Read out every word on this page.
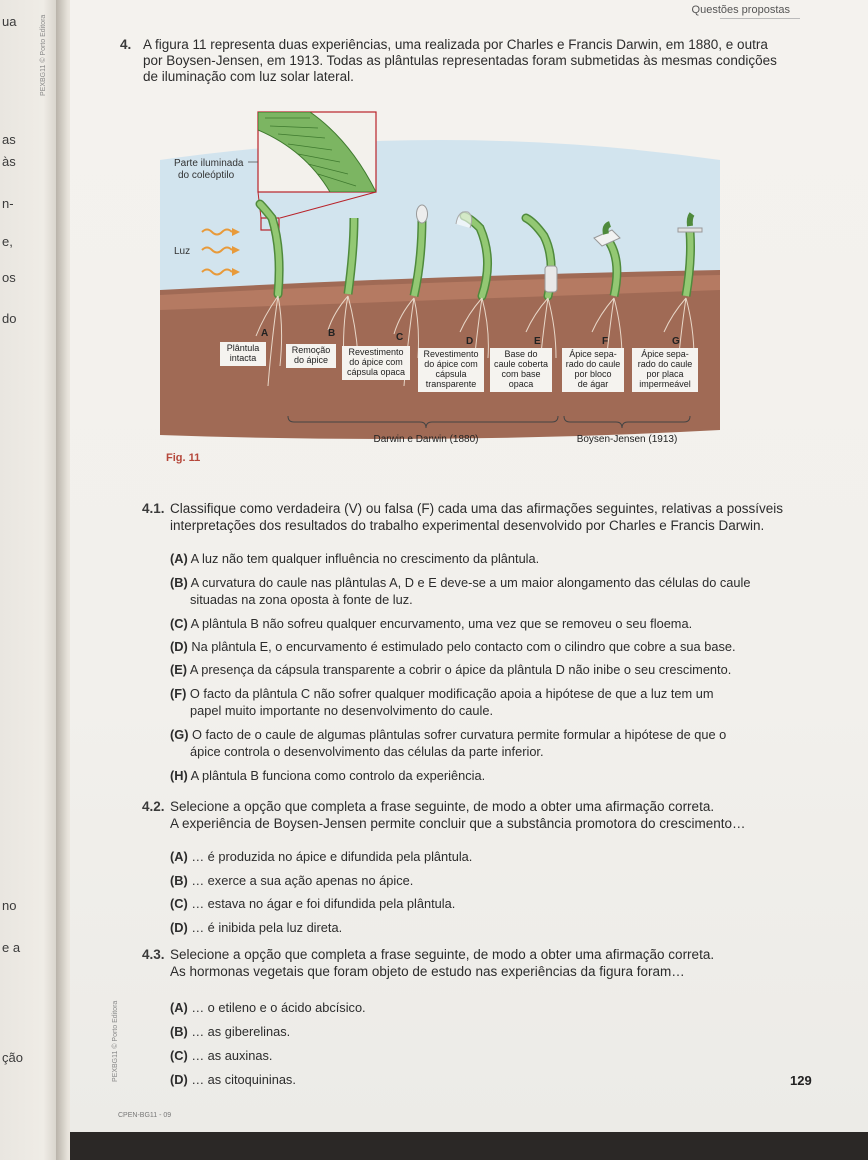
ua
as
às
n-
e,
os
do
no
e a
ção
PEXBG11 © Porto Editora
PEXBG11 © Porto Editora
Questões propostas
4. A figura 11 representa duas experiências, uma realizada por Charles e Francis Darwin, em 1880, e outra
por Boysen-Jensen, em 1913. Todas as plântulas representadas foram submetidas às mesmas condições
de iluminação com luz solar lateral.
Parte iluminada
do coleóptilo
Luz
A	B	C	D	E	F	G
Plântula
intacta
Remoção
do ápice
Revestimento
do ápice com
cápsula opaca
Revestimento
do ápice com
cápsula
transparente
Base do
caule coberta
com base
opaca
Ápice sepa-
rado do caule
por bloco
de ágar
Ápice sepa-
rado do caule
por placa
impermeável
Darwin e Darwin (1880)	Boysen-Jensen (1913)
Fig. 11
4.1. Classifique como verdadeira (V) ou falsa (F) cada uma das afirmações seguintes, relativas a possíveis
interpretações dos resultados do trabalho experimental desenvolvido por Charles e Francis Darwin.
(A) A luz não tem qualquer influência no crescimento da plântula.
(B) A curvatura do caule nas plântulas A, D e E deve-se a um maior alongamento das células do caule
situadas na zona oposta à fonte de luz.
(C) A plântula B não sofreu qualquer encurvamento, uma vez que se removeu o seu floema.
(D) Na plântula E, o encurvamento é estimulado pelo contacto com o cilindro que cobre a sua base.
(E) A presença da cápsula transparente a cobrir o ápice da plântula D não inibe o seu crescimento.
(F) O facto da plântula C não sofrer qualquer modificação apoia a hipótese de que a luz tem um
papel muito importante no desenvolvimento do caule.
(G) O facto de o caule de algumas plântulas sofrer curvatura permite formular a hipótese de que o
ápice controla o desenvolvimento das células da parte inferior.
(H) A plântula B funciona como controlo da experiência.
4.2. Selecione a opção que completa a frase seguinte, de modo a obter uma afirmação correta.
A experiência de Boysen-Jensen permite concluir que a substância promotora do crescimento…
(A) … é produzida no ápice e difundida pela plântula.
(B) … exerce a sua ação apenas no ápice.
(C) … estava no ágar e foi difundida pela plântula.
(D) … é inibida pela luz direta.
4.3. Selecione a opção que completa a frase seguinte, de modo a obter uma afirmação correta.
As hormonas vegetais que foram objeto de estudo nas experiências da figura foram…
(A) … o etileno e o ácido abcísico.
(B) … as giberelinas.
(C) … as auxinas.
(D) … as citoquininas.	129
CPEN-BG11 - 09
